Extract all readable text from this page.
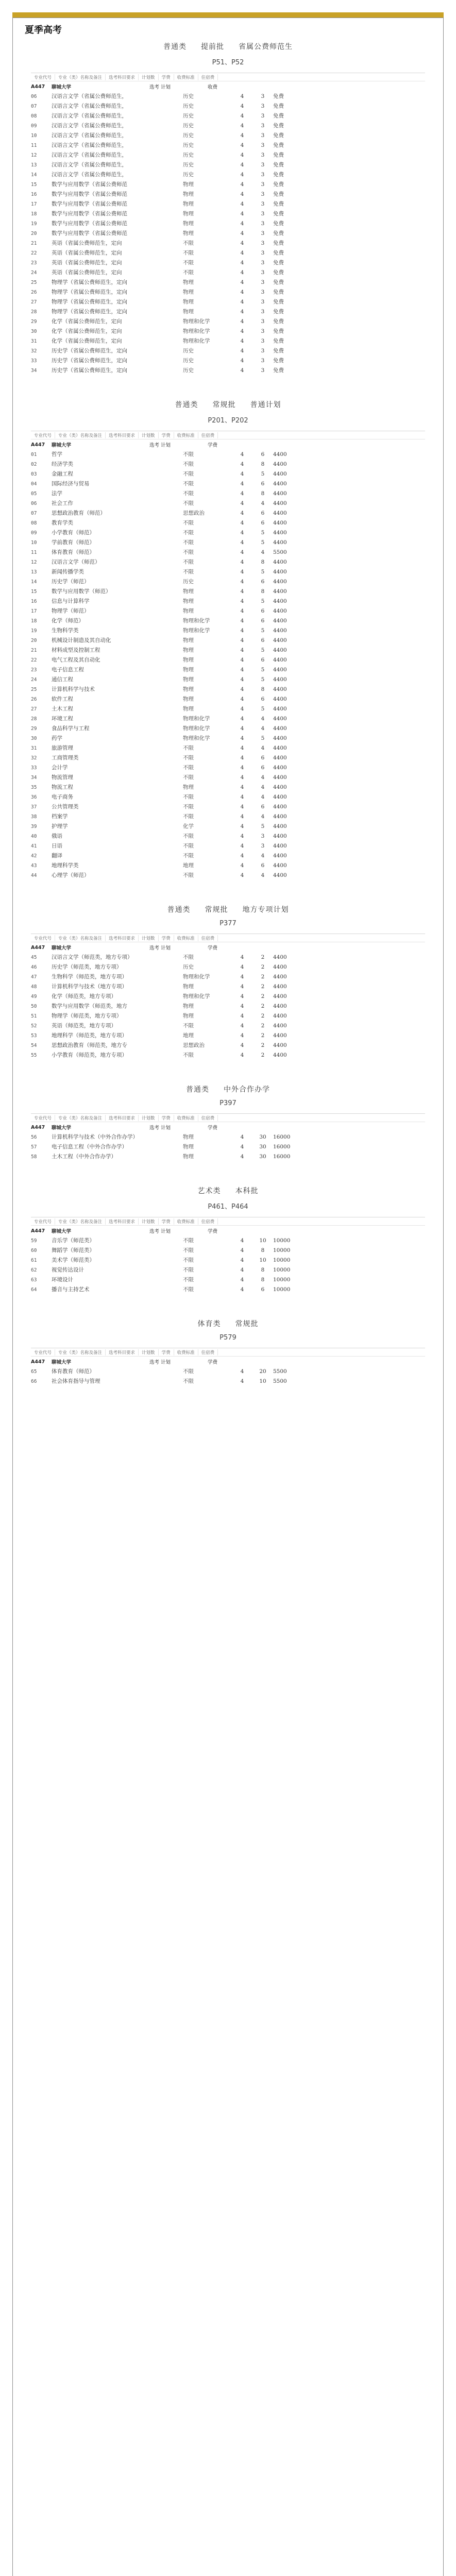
夏季高考
普通类 提前批 省属公费师范生
P51、P52
专业代号	专业（类）名称及备注	选考科目要求	计划数	学费	收费标准	住宿费
A447	聊城大学	选考 计划	收费
06	汉语言文学（省属公费师范生，	历史	4	3	免费
07	汉语言文学（省属公费师范生，	历史	4	3	免费
08	汉语言文学（省属公费师范生，	历史	4	3	免费
09	汉语言文学（省属公费师范生，	历史	4	3	免费
10	汉语言文学（省属公费师范生，	历史	4	3	免费
11	汉语言文学（省属公费师范生，	历史	4	3	免费
12	汉语言文学（省属公费师范生，	历史	4	3	免费
13	汉语言文学（省属公费师范生，	历史	4	3	免费
14	汉语言文学（省属公费师范生，	历史	4	3	免费
15	数学与应用数学（省属公费师范	物理	4	3	免费
16	数学与应用数学（省属公费师范	物理	4	3	免费
17	数学与应用数学（省属公费师范	物理	4	3	免费
18	数学与应用数学（省属公费师范	物理	4	3	免费
19	数学与应用数学（省属公费师范	物理	4	3	免费
20	数学与应用数学（省属公费师范	物理	4	3	免费
21	英语（省属公费师范生，定向	不限	4	3	免费
22	英语（省属公费师范生，定向	不限	4	3	免费
23	英语（省属公费师范生，定向	不限	4	3	免费
24	英语（省属公费师范生，定向	不限	4	3	免费
25	物理学（省属公费师范生，定向	物理	4	3	免费
26	物理学（省属公费师范生，定向	物理	4	3	免费
27	物理学（省属公费师范生，定向	物理	4	3	免费
28	物理学（省属公费师范生，定向	物理	4	3	免费
29	化学（省属公费师范生，定向	物理和化学	4	3	免费
30	化学（省属公费师范生，定向	物理和化学	4	3	免费
31	化学（省属公费师范生，定向	物理和化学	4	3	免费
32	历史学（省属公费师范生，定向	历史	4	3	免费
33	历史学（省属公费师范生，定向	历史	4	3	免费
34	历史学（省属公费师范生，定向	历史	4	3	免费
普通类 常规批 普通计划
P201、P202
专业代号	专业（类）名称及备注	选考科目要求	计划数	学费	收费标准	住宿费
A447	聊城大学	选考 计划	学费
01	哲学	不限	4	6	4400
02	经济学类	不限	4	8	4400
03	金融工程	不限	4	5	4400
04	国际经济与贸易	不限	4	6	4400
05	法学	不限	4	8	4400
06	社会工作	不限	4	4	4400
07	思想政治教育（师范）	思想政治	4	6	4400
08	教育学类	不限	4	6	4400
09	小学教育（师范）	不限	4	5	4400
10	学前教育（师范）	不限	4	5	4400
11	体育教育（师范）	不限	4	4	5500
12	汉语言文学（师范）	不限	4	8	4400
13	新闻传播学类	不限	4	5	4400
14	历史学（师范）	历史	4	6	4400
15	数学与应用数学（师范）	物理	4	8	4400
16	信息与计算科学	物理	4	5	4400
17	物理学（师范）	物理	4	6	4400
18	化学（师范）	物理和化学	4	6	4400
19	生物科学类	物理和化学	4	5	4400
20	机械设计制造及其自动化	物理	4	6	4400
21	材料成型及控制工程	物理	4	5	4400
22	电气工程及其自动化	物理	4	6	4400
23	电子信息工程	物理	4	5	4400
24	通信工程	物理	4	5	4400
25	计算机科学与技术	物理	4	8	4400
26	软件工程	物理	4	6	4400
27	土木工程	物理	4	5	4400
28	环境工程	物理和化学	4	4	4400
29	食品科学与工程	物理和化学	4	4	4400
30	药学	物理和化学	4	5	4400
31	旅游管理	不限	4	4	4400
32	工商管理类	不限	4	6	4400
33	会计学	不限	4	6	4400
34	物流管理	不限	4	4	4400
35	物流工程	物理	4	4	4400
36	电子商务	不限	4	4	4400
37	公共管理类	不限	4	6	4400
38	档案学	不限	4	4	4400
39	护理学	化学	4	5	4400
40	俄语	不限	4	3	4400
41	日语	不限	4	3	4400
42	翻译	不限	4	4	4400
43	地理科学类	地理	4	6	4400
44	心理学（师范）	不限	4	4	4400
普通类 常规批 地方专项计划
P377
专业代号	专业（类）名称及备注	选考科目要求	计划数	学费	收费标准	住宿费
A447	聊城大学	选考 计划	学费
45	汉语言文学（师范类，地方专项）	不限	4	2	4400
46	历史学（师范类，地方专项）	历史	4	2	4400
47	生物科学（师范类，地方专项）	物理和化学	4	2	4400
48	计算机科学与技术（地方专项）	物理	4	2	4400
49	化学（师范类，地方专项）	物理和化学	4	2	4400
50	数学与应用数学（师范类，地方	物理	4	2	4400
51	物理学（师范类，地方专项）	物理	4	2	4400
52	英语（师范类，地方专项）	不限	4	2	4400
53	地理科学（师范类，地方专项）	地理	4	2	4400
54	思想政治教育（师范类，地方专	思想政治	4	2	4400
55	小学教育（师范类，地方专项）	不限	4	2	4400
普通类 中外合作办学
P397
专业代号	专业（类）名称及备注	选考科目要求	计划数	学费	收费标准	住宿费
A447	聊城大学	选考 计划	学费
56	计算机科学与技术（中外合作办学）	物理	4	30	16000
57	电子信息工程（中外合作办学）	物理	4	30	16000
58	土木工程（中外合作办学）	物理	4	30	16000
艺术类 本科批
P461、P464
专业代号	专业（类）名称及备注	选考科目要求	计划数	学费	收费标准	住宿费
A447	聊城大学	选考 计划	学费
59	音乐学（师范类）	不限	4	10	10000
60	舞蹈学（师范类）	不限	4	8	10000
61	美术学（师范类）	不限	4	10	10000
62	视觉传达设计	不限	4	8	10000
63	环境设计	不限	4	8	10000
64	播音与主持艺术	不限	4	6	10000
体育类 常规批
P579
专业代号	专业（类）名称及备注	选考科目要求	计划数	学费	收费标准	住宿费
A447	聊城大学	选考 计划	学费
65	体育教育（师范）	不限	4	20	5500
66	社会体育指导与管理	不限	4	10	5500
